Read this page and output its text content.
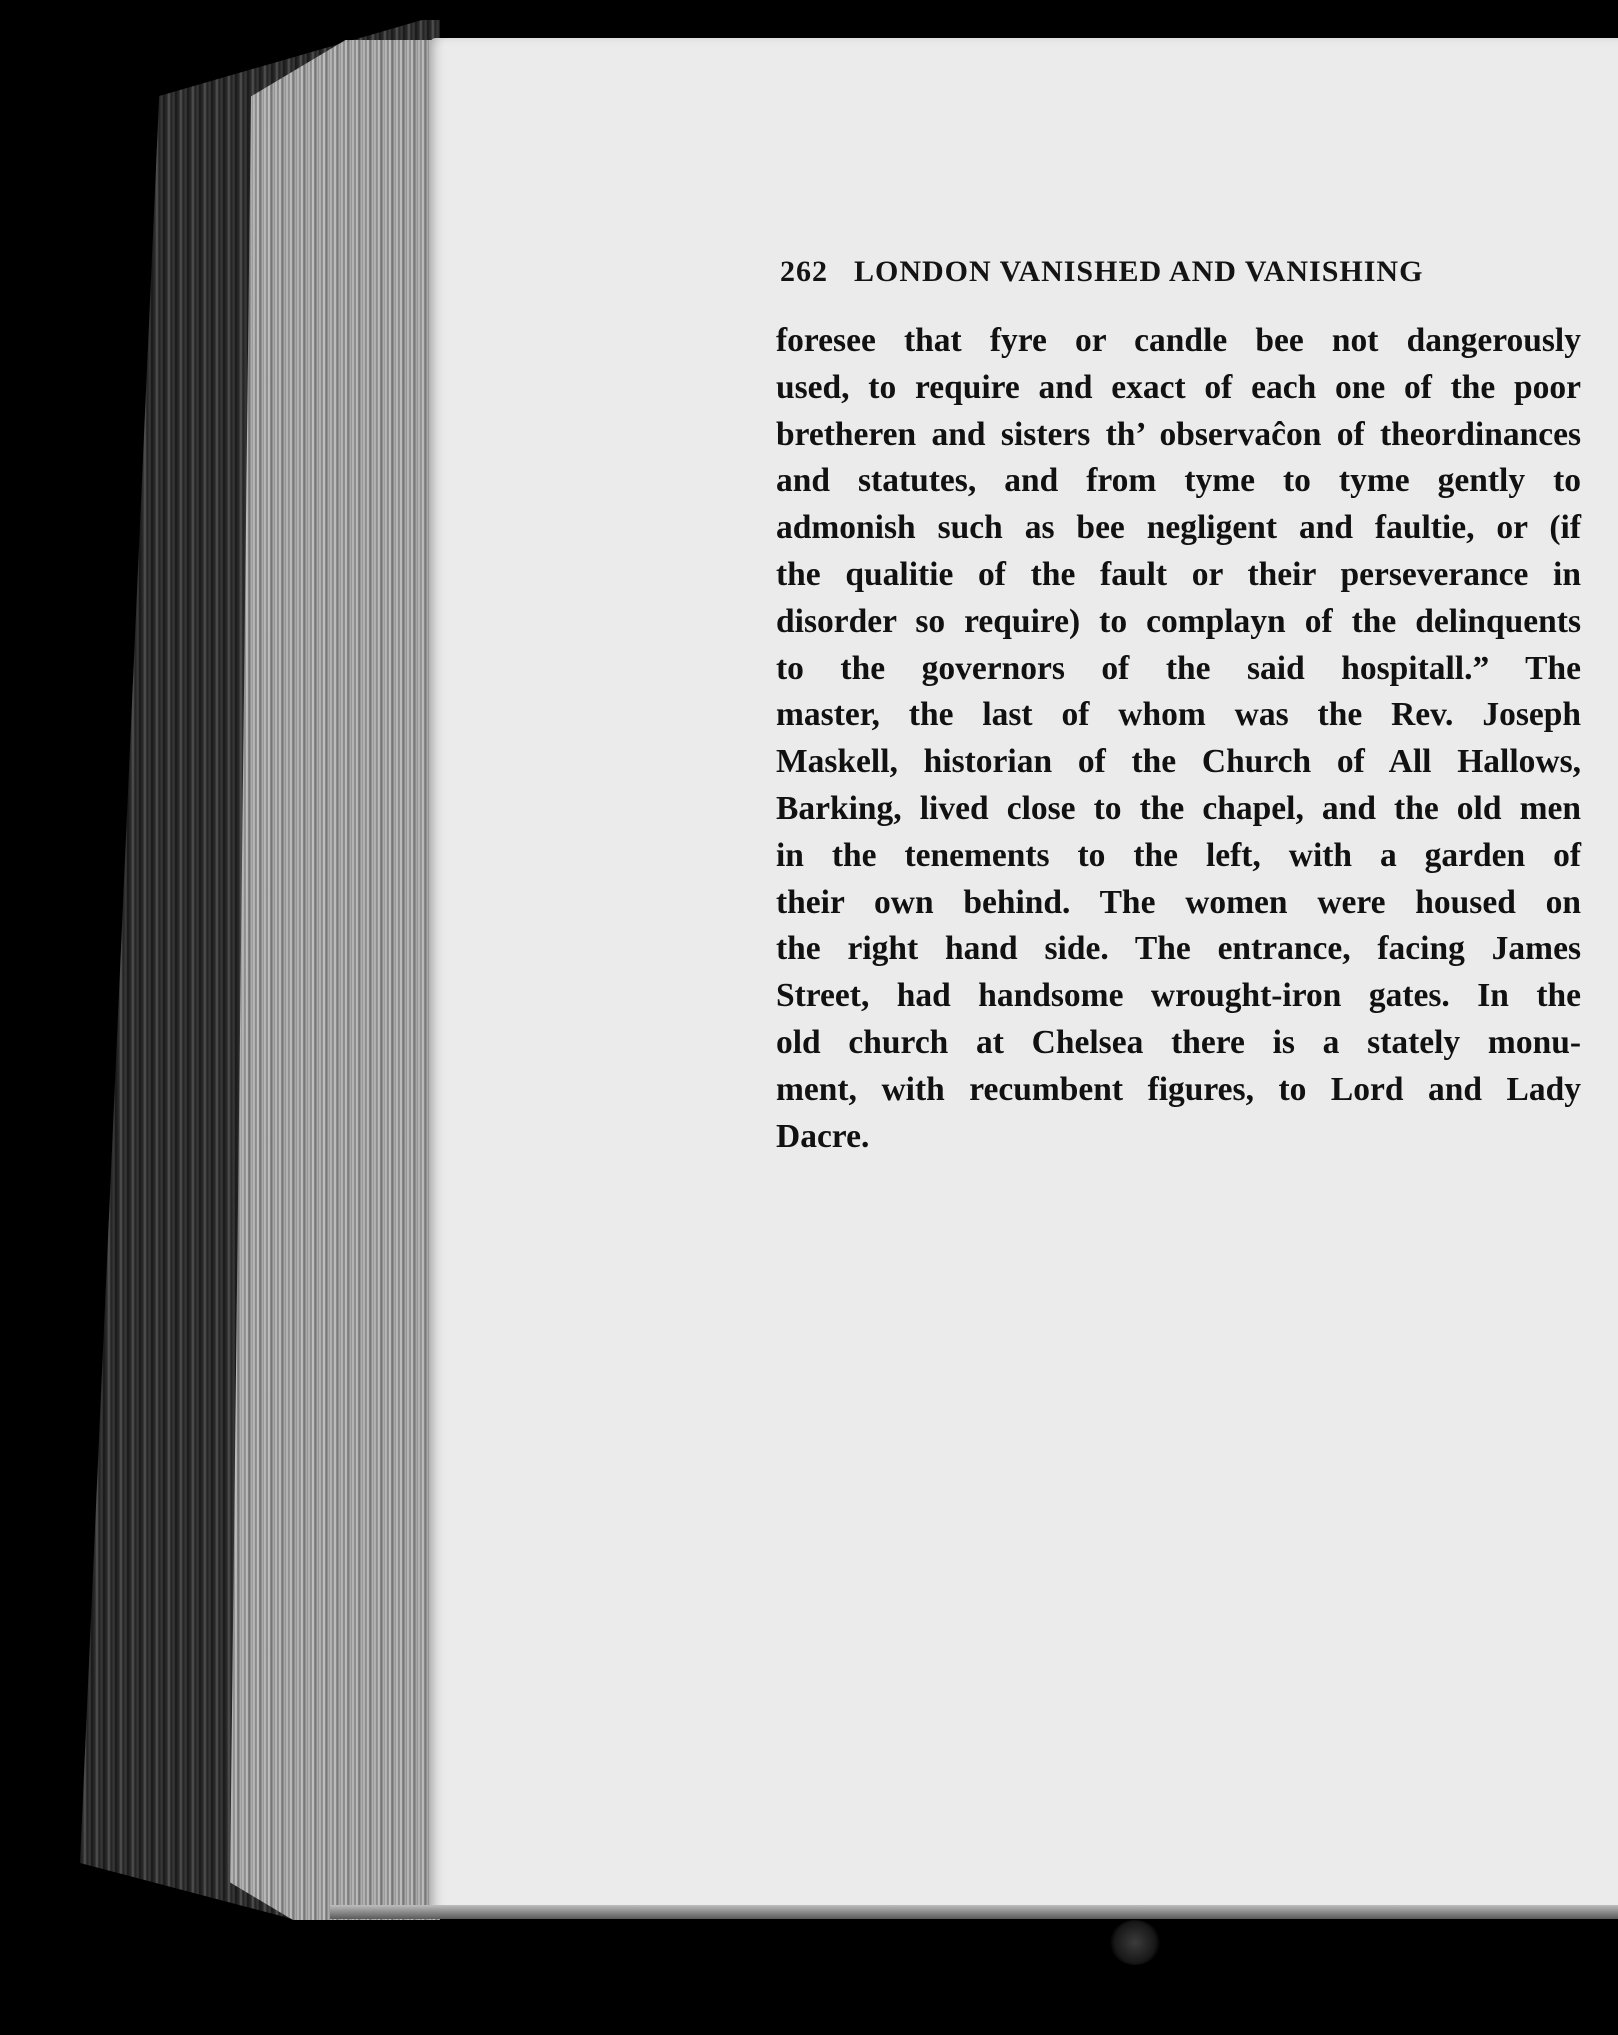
262 LONDON VANISHED AND VANISHING
foresee that fyre or candle bee not dangerously
used, to require and exact of each one of the poor
bretheren and sisters th’ observaĉon of theordinances
and statutes, and from tyme to tyme gently to
admonish such as bee negligent and faultie, or (if
the qualitie of the fault or their perseverance in
disorder so require) to complayn of the delinquents
to the governors of the said hospitall.” The
master, the last of whom was the Rev. Joseph
Maskell, historian of the Church of All Hallows,
Barking, lived close to the chapel, and the old men
in the tenements to the left, with a garden of
their own behind. The women were housed on
the right hand side. The entrance, facing James
Street, had handsome wrought-iron gates. In the
old church at Chelsea there is a stately monu-
ment, with recumbent figures, to Lord and Lady
Dacre.
